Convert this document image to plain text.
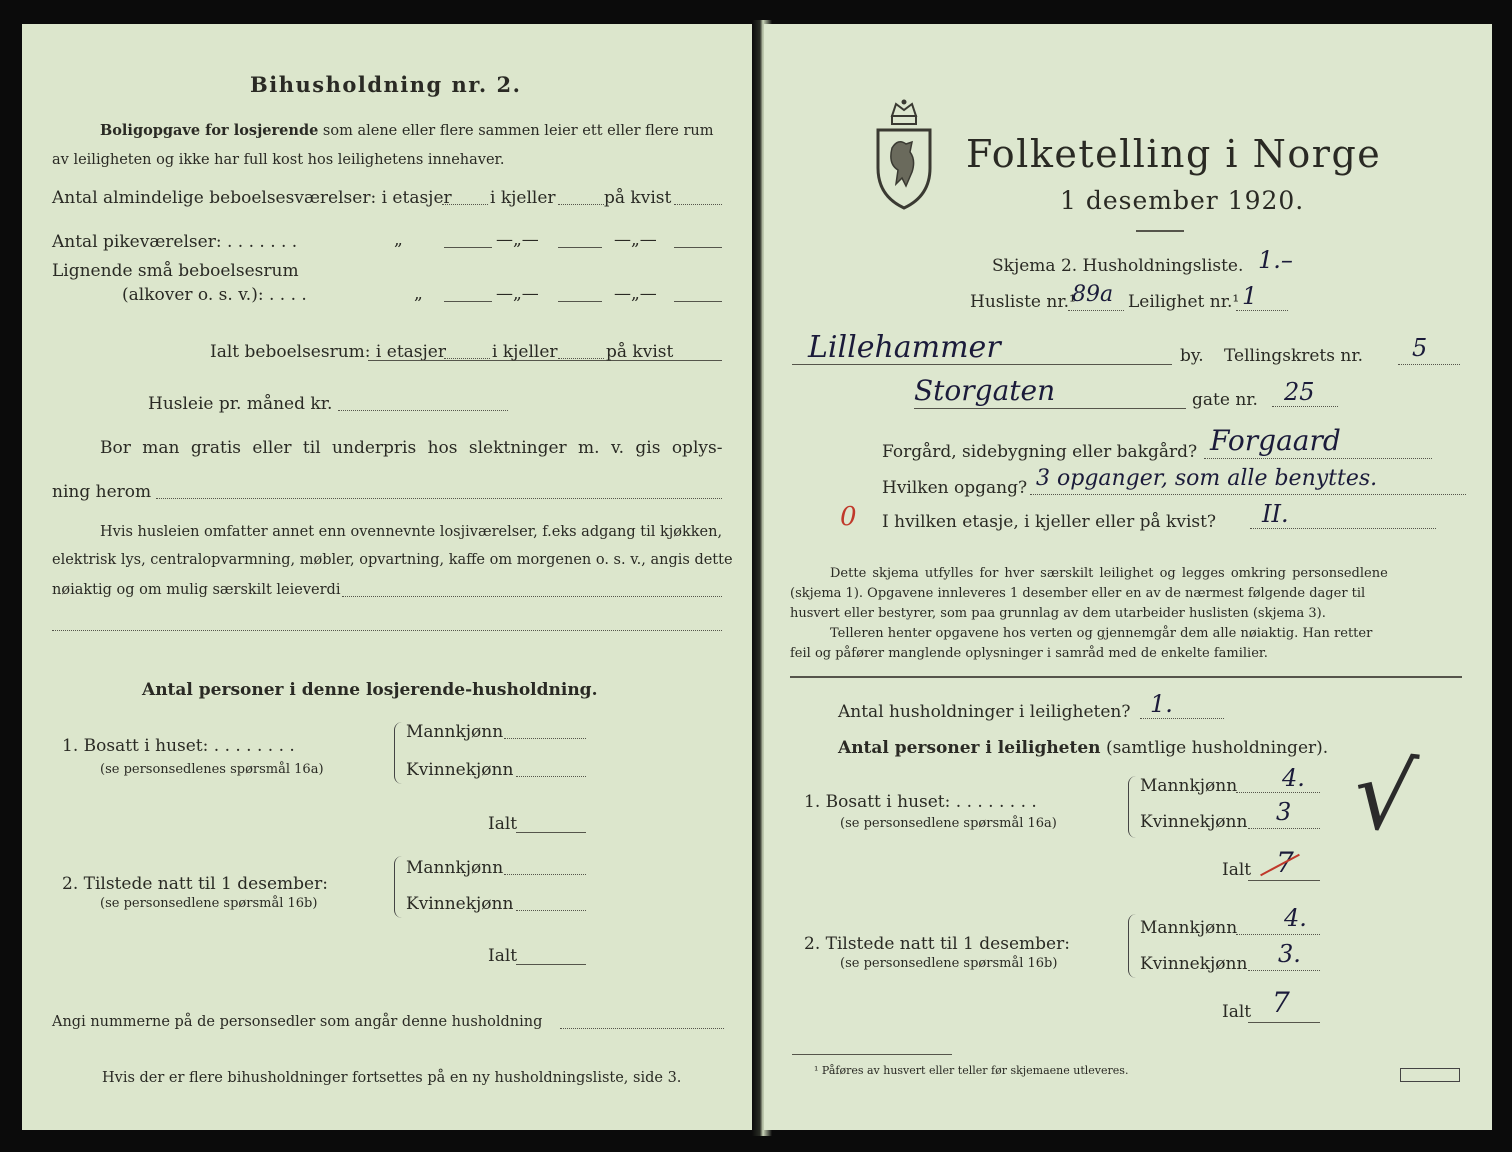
Bihusholdning nr. 2.
Boligopgave for losjerende som alene eller flere sammen leier ett eller flere rum
av leiligheten og ikke har full kost hos leilighetens innehaver.
Antal almindelige beboelsesværelser: i etasjer i kjeller	på kvist
Antal pikeværelser: . . . . . . .	„	—„—	—„—
Lignende små beboelsesrum
(alkover o. s. v.): . . . .	„	—„—	—„—
Ialt beboelsesrum: i etasjer	i kjeller	på kvist
Husleie pr. måned kr.
Bor man gratis eller til underpris hos slektninger m. v. gis oplys-
ning herom
Hvis husleien omfatter annet enn ovennevnte losjiværelser, f.eks adgang til kjøkken,
elektrisk lys, centralopvarmning, møbler, opvartning, kaffe om morgenen o. s. v., angis dette
nøiaktig og om mulig særskilt leieverdi
Antal personer i denne losjerende-husholdning.
1. Bosatt i huset: . . . . . . . .
(se personsedlenes spørsmål 16a)
Mannkjønn
Kvinnekjønn
Ialt
2. Tilstede natt til 1 desember:
(se personsedlene spørsmål 16b)
Mannkjønn
Kvinnekjønn
Ialt
Angi nummerne på de personsedler som angår denne husholdning
Hvis der er flere bihusholdninger fortsettes på en ny husholdningsliste, side 3.
Folketelling i Norge
1 desember 1920.
Skjema 2. Husholdningsliste. 1.–
Husliste nr.¹
89a Leilighet nr.¹ 1
Lillehammer	by. Tellingskrets nr. 5
Storgaten	gate nr. 25
Forgård, sidebygning eller bakgård? Forgaard
Hvilken opgang? 3 opganger, som alle benyttes.
0 I hvilken etasje, i kjeller eller på kvist? II.
Dette skjema utfylles for hver særskilt leilighet og legges omkring personsedlene
(skjema 1). Opgavene innleveres 1 desember eller en av de nærmest følgende dager til
husvert eller bestyrer, som paa grunnlag av dem utarbeider huslisten (skjema 3).
Telleren henter opgavene hos verten og gjennemgår dem alle nøiaktig. Han retter
feil og påfører manglende oplysninger i samråd med de enkelte familier.
Antal husholdninger i leiligheten? 1.
Antal personer i leiligheten (samtlige husholdninger).
1. Bosatt i huset: . . . . . . . .
(se personsedlene spørsmål 16a)
Mannkjønn 4.
Kvinnekjønn 3
Ialt 7
√
2. Tilstede natt til 1 desember:
(se personsedlene spørsmål 16b)
Mannkjønn 4.
Kvinnekjønn 3.
Ialt 7
¹ Påføres av husvert eller teller før skjemaene utleveres.
